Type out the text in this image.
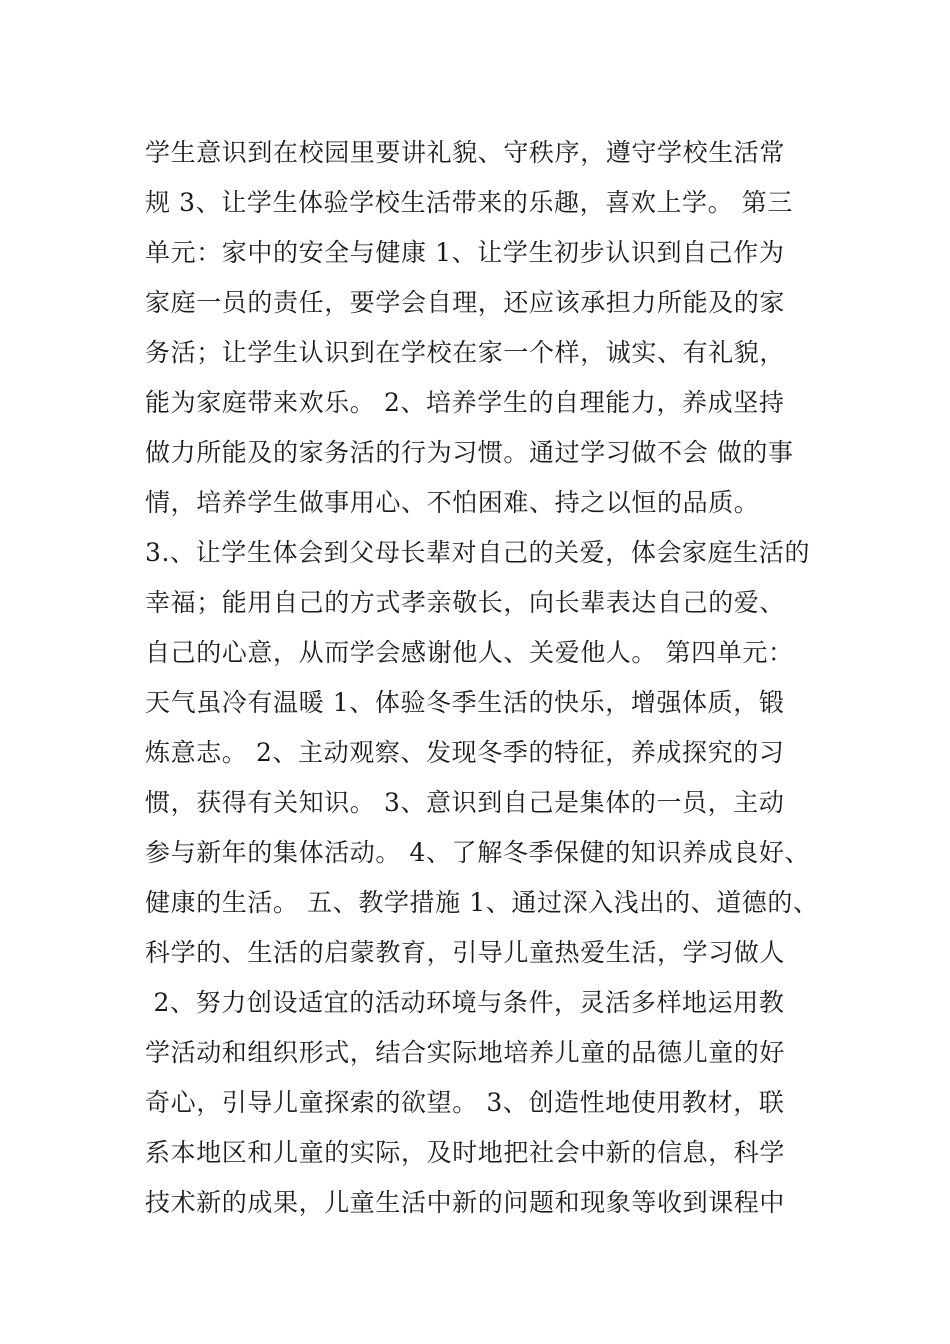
学生意识到在校园里要讲礼貌、守秩序，遵守学校生活常
规 3、让学生体验学校生活带来的乐趣，喜欢上学。 第三
单元：家中的安全与健康 1、让学生初步认识到自己作为
家庭一员的责任，要学会自理，还应该承担力所能及的家
务活；让学生认识到在学校在家一个样，诚实、有礼貌，
能为家庭带来欢乐。 2、培养学生的自理能力，养成坚持
做力所能及的家务活的行为习惯。通过学习做不会 做的事
情，培养学生做事用心、不怕困难、持之以恒的品质。
3.、让学生体会到父母长辈对自己的关爱，体会家庭生活的
幸福；能用自己的方式孝亲敬长，向长辈表达自己的爱、
自己的心意，从而学会感谢他人、关爱他人。 第四单元：
天气虽冷有温暖 1、体验冬季生活的快乐，增强体质，锻
炼意志。 2、主动观察、发现冬季的特征，养成探究的习
惯，获得有关知识。 3、意识到自己是集体的一员，主动
参与新年的集体活动。 4、了解冬季保健的知识养成良好、
健康的生活。 五、教学措施 1、通过深入浅出的、道德的、
科学的、生活的启蒙教育，引导儿童热爱生活，学习做人
2、努力创设适宜的活动环境与条件，灵活多样地运用教
学活动和组织形式，结合实际地培养儿童的品德儿童的好
奇心，引导儿童探索的欲望。 3、创造性地使用教材，联
系本地区和儿童的实际，及时地把社会中新的信息，科学
技术新的成果，儿童生活中新的问题和现象等收到课程中
